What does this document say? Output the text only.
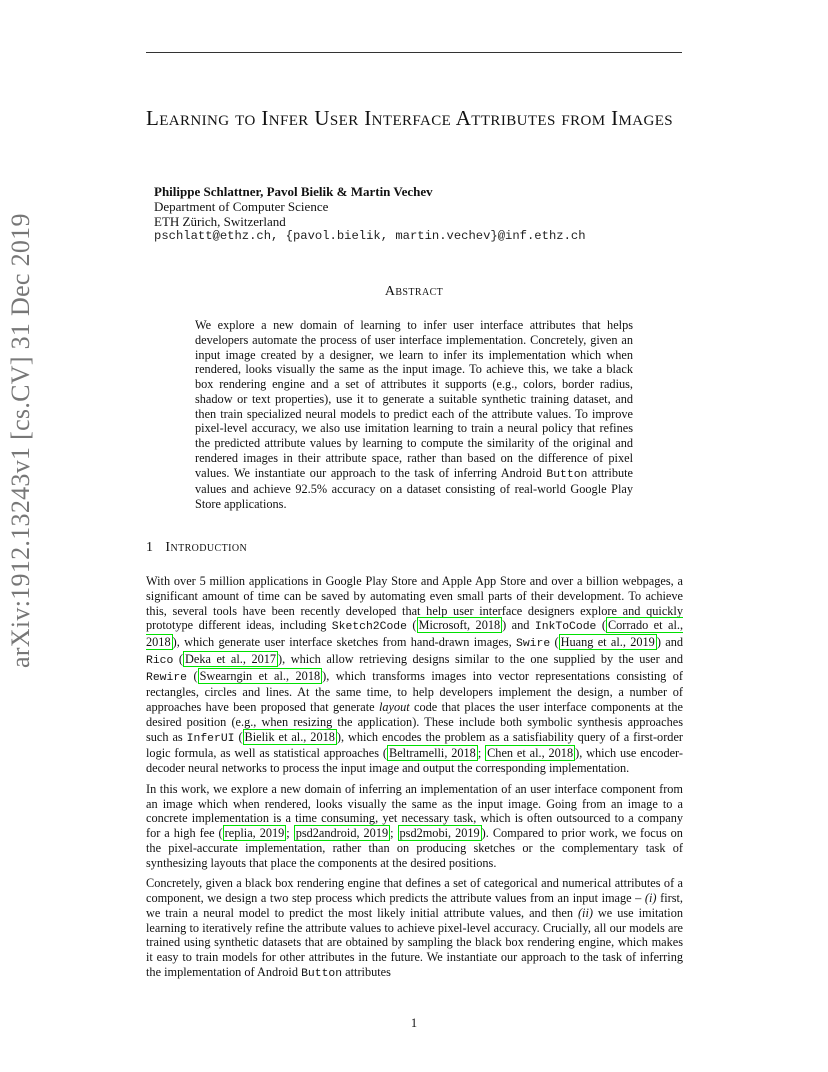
Learning to Infer User Interface Attributes from Images
Philippe Schlattner, Pavol Bielik & Martin Vechev
Department of Computer Science
ETH Zürich, Switzerland
pschlatt@ethz.ch, {pavol.bielik, martin.vechev}@inf.ethz.ch
arXiv:1912.13243v1 [cs.CV] 31 Dec 2019	Abstract
We explore a new domain of learning to infer user interface attributes that helps developers automate the process of user interface implementation. Concretely, given an input image created by a designer, we learn to infer its implementation which when rendered, looks visually the same as the input image. To achieve this, we take a black box rendering engine and a set of attributes it supports (e.g., colors, border radius, shadow or text properties), use it to generate a suitable synthetic training dataset, and then train specialized neural models to predict each of the attribute values. To improve pixel-level accuracy, we also use imitation learning to train a neural policy that refines the predicted attribute values by learning to compute the similarity of the original and rendered images in their attribute space, rather than based on the difference of pixel values. We instantiate our approach to the task of inferring Android Button attribute values and achieve 92.5% accuracy on a dataset consisting of real-world Google Play Store applications.
1 Introduction

With over 5 million applications in Google Play Store and Apple App Store and over a billion webpages, a significant amount of time can be saved by automating even small parts of their development. To achieve this, several tools have been recently developed that help user interface designers explore and quickly prototype different ideas, including Sketch2Code ( Microsoft, 2018 ) and InkToCode ( Corrado et al., 2018 ), which generate user interface sketches from hand-drawn images, Swire ( Huang et al., 2019 ) and Rico ( Deka et al., 2017 ), which allow retrieving designs similar to the one supplied by the user and Rewire ( Swearngin et al., 2018 ), which transforms images into vector representations consisting of rectangles, circles and lines. At the same time, to help developers implement the design, a number of approaches have been proposed that generate layout code that places the user interface components at the desired position (e.g., when resizing the application). These include both symbolic synthesis approaches such as InferUI ( Bielik et al., 2018 ), which encodes the problem as a satisfiability query of a first-order logic formula, as well as statistical approaches ( Beltramelli, 2018 ; Chen et al., 2018 ), which use encoder-decoder neural networks to process the input image and output the corresponding implementation.

In this work, we explore a new domain of inferring an implementation of an user interface component from an image which when rendered, looks visually the same as the input image. Going from an image to a concrete implementation is a time consuming, yet necessary task, which is often outsourced to a company for a high fee ( replia, 2019 ; psd2android, 2019 ; psd2mobi, 2019 ). Compared to prior work, we focus on the pixel-accurate implementation, rather than on producing sketches or the complementary task of synthesizing layouts that place the components at the desired positions.

Concretely, given a black box rendering engine that defines a set of categorical and numerical attributes of a component, we design a two step process which predicts the attribute values from an input image – (i) first, we train a neural model to predict the most likely initial attribute values, and then (ii) we use imitation learning to iteratively refine the attribute values to achieve pixel-level accuracy. Crucially, all our models are trained using synthetic datasets that are obtained by sampling the black box rendering engine, which makes it easy to train models for other attributes in the future. We instantiate our approach to the task of inferring the implementation of Android Button attributes

1
